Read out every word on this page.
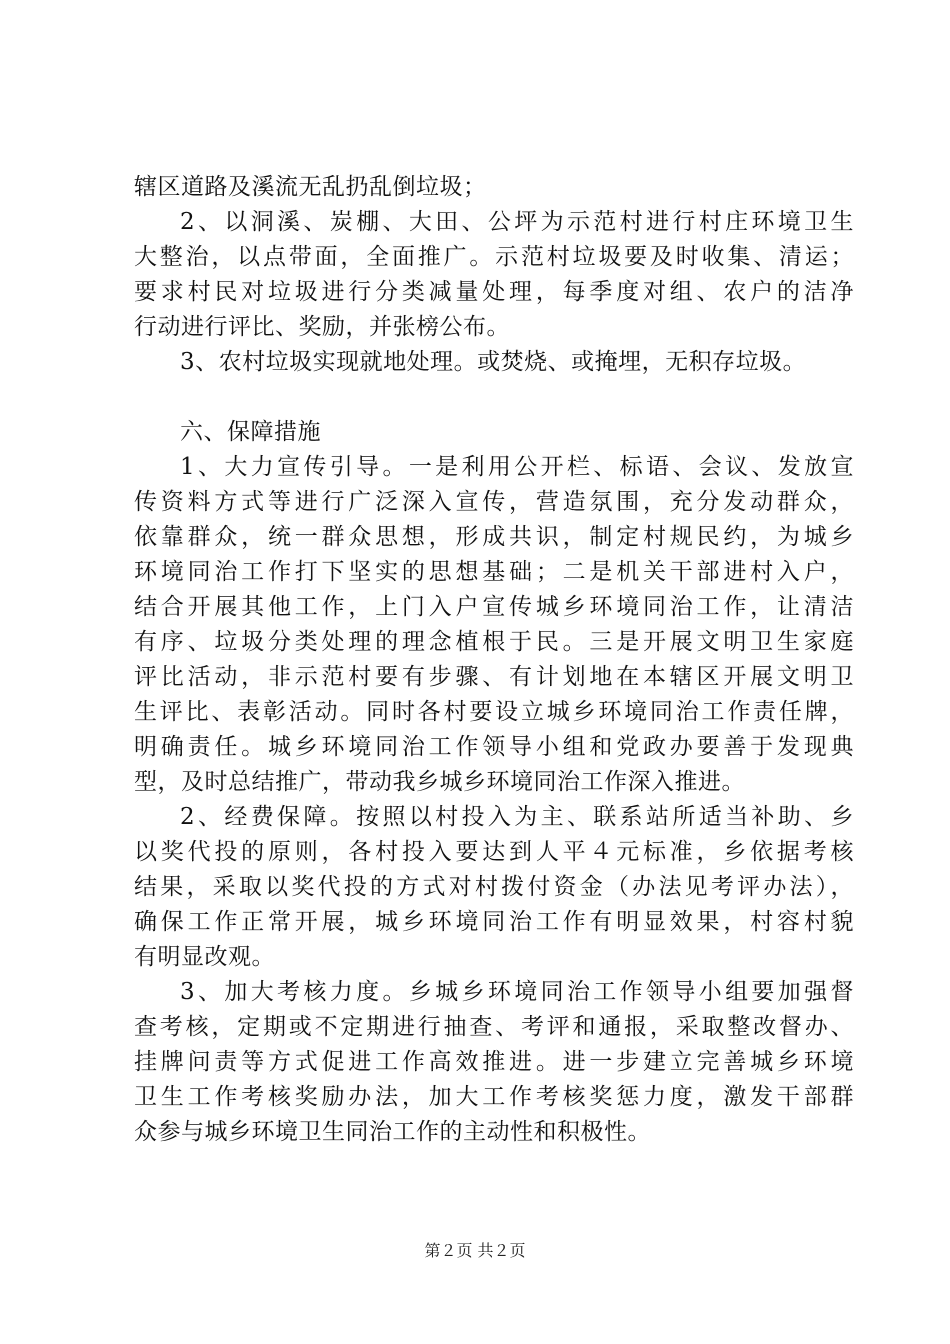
辖区道路及溪流无乱扔乱倒垃圾；
2、以洞溪、炭棚、大田、公坪为示范村进行村庄环境卫生
大整治，以点带面，全面推广。示范村垃圾要及时收集、清运；
要求村民对垃圾进行分类减量处理，每季度对组、农户的洁净
行动进行评比、奖励，并张榜公布。
3、农村垃圾实现就地处理。或焚烧、或掩埋，无积存垃圾。
六、保障措施
1、大力宣传引导。一是利用公开栏、标语、会议、发放宣
传资料方式等进行广泛深入宣传，营造氛围，充分发动群众，
依靠群众，统一群众思想，形成共识，制定村规民约，为城乡
环境同治工作打下坚实的思想基础；二是机关干部进村入户，
结合开展其他工作，上门入户宣传城乡环境同治工作，让清洁
有序、垃圾分类处理的理念植根于民。三是开展文明卫生家庭
评比活动，非示范村要有步骤、有计划地在本辖区开展文明卫
生评比、表彰活动。同时各村要设立城乡环境同治工作责任牌，
明确责任。城乡环境同治工作领导小组和党政办要善于发现典
型，及时总结推广，带动我乡城乡环境同治工作深入推进。
2、经费保障。按照以村投入为主、联系站所适当补助、乡
以奖代投的原则，各村投入要达到人平４元标准，乡依据考核
结果，采取以奖代投的方式对村拨付资金（办法见考评办法），
确保工作正常开展，城乡环境同治工作有明显效果，村容村貌
有明显改观。
3、加大考核力度。乡城乡环境同治工作领导小组要加强督
查考核，定期或不定期进行抽查、考评和通报，采取整改督办、
挂牌问责等方式促进工作高效推进。进一步建立完善城乡环境
卫生工作考核奖励办法，加大工作考核奖惩力度，激发干部群
众参与城乡环境卫生同治工作的主动性和积极性。
第２页 共２页
